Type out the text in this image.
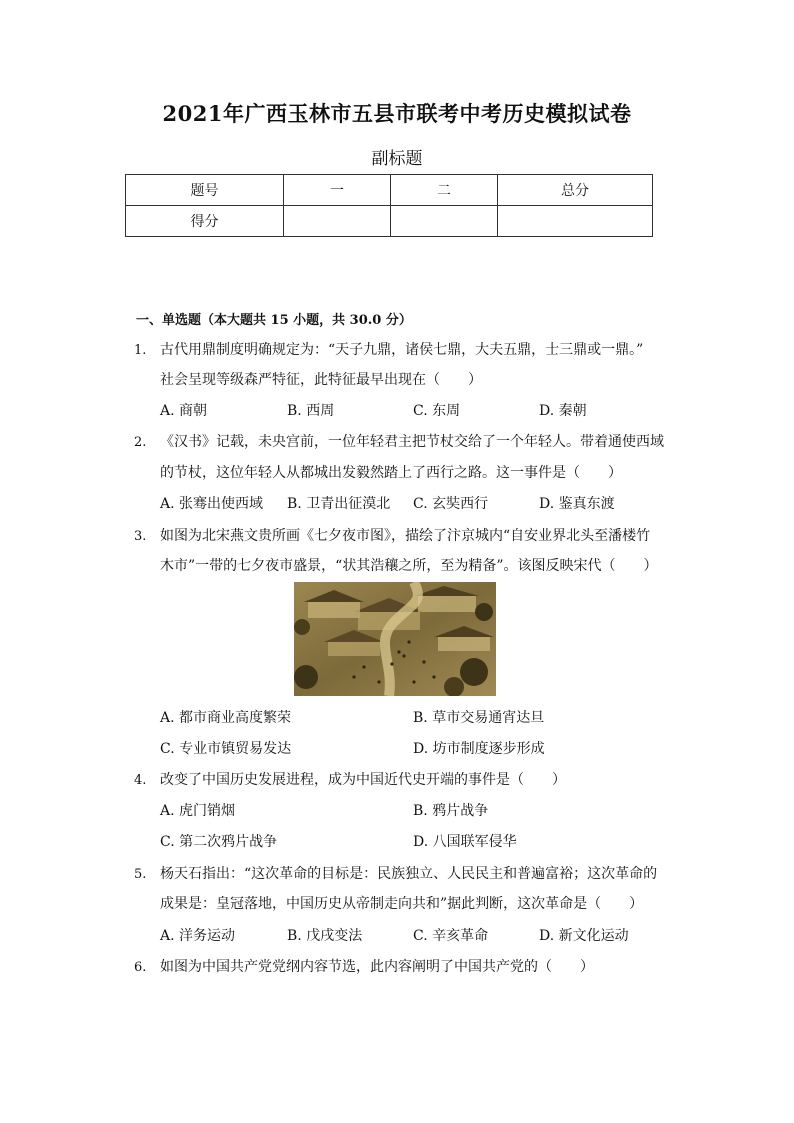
2021年广西玉林市五县市联考中考历史模拟试卷
副标题
题号	一	二	总分
得分			
一、单选题（本大题共 15 小题，共 30.0 分）
1. 古代用鼎制度明确规定为：“天子九鼎，诸侯七鼎，大夫五鼎，士三鼎或一鼎。”
社会呈现等级森严特征，此特征最早出现在（　　）
A. 商朝	B. 西周	C. 东周	D. 秦朝
2. 《汉书》记载，未央宫前，一位年轻君主把节杖交给了一个年轻人。带着通使西域
的节杖，这位年轻人从都城出发毅然踏上了西行之路。这一事件是（　　）
A. 张骞出使西域 B. 卫青出征漠北 C. 玄奘西行	D. 鉴真东渡
3. 如图为北宋燕文贵所画《七夕夜市图》，描绘了汴京城内“自安业界北头至潘楼竹
木市”一带的七夕夜市盛景，“状其浩穰之所，至为精备”。该图反映宋代（　　）
A. 都市商业高度繁荣	B. 草市交易通宵达旦
C. 专业市镇贸易发达	D. 坊市制度逐步形成
4. 改变了中国历史发展进程，成为中国近代史开端的事件是（　　）
A. 虎门销烟	B. 鸦片战争
C. 第二次鸦片战争	D. 八国联军侵华
5. 杨天石指出：“这次革命的目标是：民族独立、人民民主和普遍富裕；这次革命的
成果是：皇冠落地，中国历史从帝制走向共和”据此判断，这次革命是（　　）
A. 洋务运动	B. 戊戌变法	C. 辛亥革命	D. 新文化运动
6. 如图为中国共产党党纲内容节选，此内容阐明了中国共产党的（　　）
